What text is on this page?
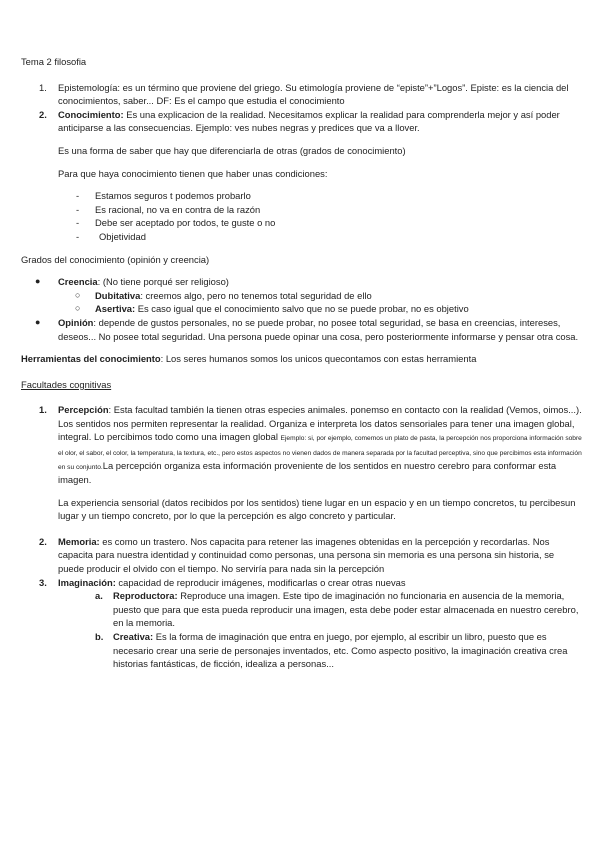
Tema 2 filosofia

1. Epistemología: es un término que proviene del griego. Su etimología proviene de “episte”+”Logos”. Episte: es la ciencia del conocimientos, saber... DF: Es el campo que estudia el conocimiento
2. Conocimiento: Es una explicacion de la realidad. Necesitamos explicar la realidad para comprenderla mejor y así poder anticiparse a las consecuencias. Ejemplo: ves nubes negras y predices que va a llover.

Es una forma de saber que hay que diferenciarla de otras (grados de conocimiento)

Para que haya conocimiento tienen que haber unas condiciones:

- Estamos seguros t podemos probarlo
- Es racional, no va en contra de la razón
- Debe ser aceptado por todos, te guste o no
- Objetividad

Grados del conocimiento (opinión y creencia)

● Creencia: (No tiene porqué ser religioso)
○ Dubitativa: creemos algo, pero no tenemos total seguridad de ello
○ Asertiva: Es caso igual que el conocimiento salvo que no se puede probar, no es objetivo
● Opinión: depende de gustos personales, no se puede probar, no posee total seguridad, se basa en creencias, intereses, deseos... No posee total seguridad. Una persona puede opinar una cosa, pero posteriormente informarse y pensar otra cosa.

Herramientas del conocimiento: Los seres humanos somos los unicos quecontamos con estas herramienta

Facultades cognitivas

1. Percepción: Esta facultad también la tienen otras especies animales. ponemso en contacto con la realidad (Vemos, oimos...). Los sentidos nos permiten representar la realidad. Organiza e interpreta los datos sensoriales para tener una imagen global, integral. Lo percibimos todo como una imagen global Ejemplo: si, por ejemplo, comemos un plato de pasta, la percepción nos proporciona información sobre el olor, el sabor, el color, la temperatura, la textura, etc., pero estos aspectos no vienen dados de manera separada por la facultad perceptiva, sino que percibimos esta información en su conjunto.La percepción organiza esta información proveniente de los sentidos en nuestro cerebro para conformar esta imagen.

La experiencia sensorial (datos recibidos por los sentidos) tiene lugar en un espacio y en un tiempo concretos, tu percibesun lugar y un tiempo concreto, por lo que la percepción es algo concreto y particular.

2. Memoria: es como un trastero. Nos capacita para retener las imagenes obtenidas en la percepción y recordarlas. Nos capacita para nuestra identidad y continuidad como personas, una persona sin memoria es una persona sin historia, se puede producir el olvido con el tiempo. No serviría para nada sin la percepción
3. Imaginación: capacidad de reproducir imágenes, modificarlas o crear otras nuevas
a. Reproductora: Reproduce una imagen. Este tipo de imaginación no funcionaria en ausencia de la memoria, puesto que para que esta pueda reproducir una imagen, esta debe poder estar almacenada en nuestro cerebro, en la memoria.
b. Creativa: Es la forma de imaginación que entra en juego, por ejemplo, al escribir un libro, puesto que es necesario crear una serie de personajes inventados, etc. Como aspecto positivo, la imaginación creativa crea historias fantásticas, de ficción, idealiza a personas...
